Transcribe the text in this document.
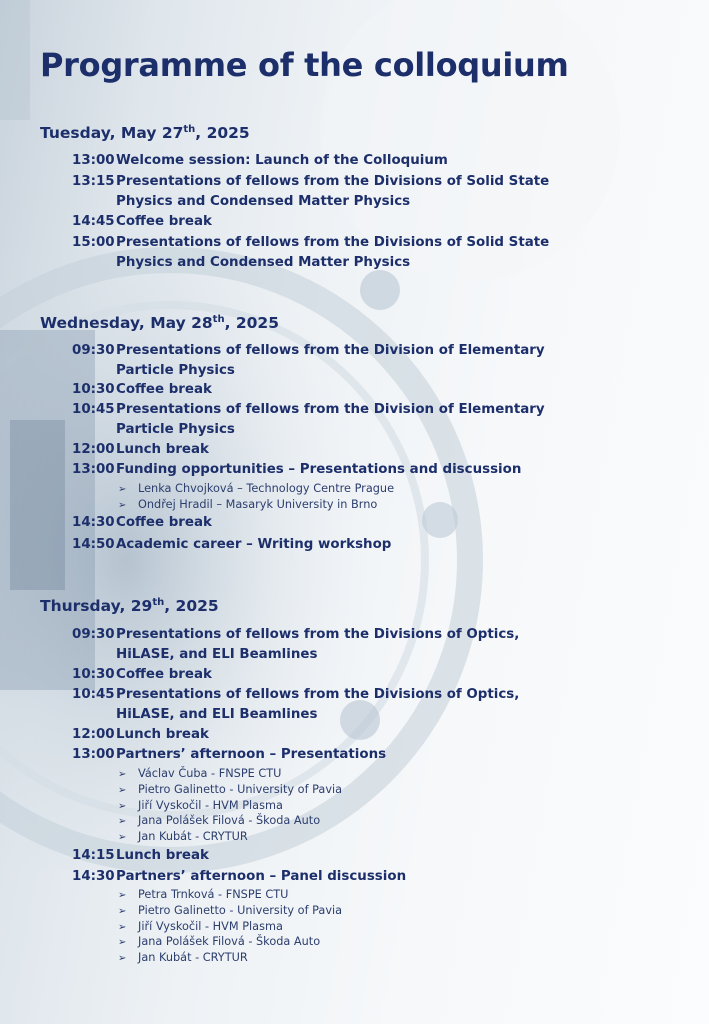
Programme of the colloquium
Tuesday, May 27th, 2025
13:00 Welcome session: Launch of the Colloquium
13:15 Presentations of fellows from the Divisions of Solid State
Physics and Condensed Matter Physics
14:45 Coffee break
15:00 Presentations of fellows from the Divisions of Solid State
Physics and Condensed Matter Physics
Wednesday, May 28th, 2025
09:30 Presentations of fellows from the Division of Elementary
Particle Physics
10:30 Coffee break
10:45 Presentations of fellows from the Division of Elementary
Particle Physics
12:00 Lunch break
13:00 Funding opportunities – Presentations and discussion
➢ Lenka Chvojková – Technology Centre Prague
➢ Ondřej Hradil – Masaryk University in Brno
14:30 Coffee break
14:50 Academic career – Writing workshop
Thursday, 29th, 2025
09:30 Presentations of fellows from the Divisions of Optics,
HiLASE, and ELI Beamlines
10:30 Coffee break
10:45 Presentations of fellows from the Divisions of Optics,
HiLASE, and ELI Beamlines
12:00 Lunch break
13:00 Partners’ afternoon – Presentations
➢ Václav Čuba - FNSPE CTU
➢ Pietro Galinetto - University of Pavia
➢ Jiří Vyskočil - HVM Plasma
➢ Jana Polášek Filová - Škoda Auto
➢ Jan Kubát - CRYTUR
14:15 Lunch break
14:30 Partners’ afternoon – Panel discussion
➢ Petra Trnková - FNSPE CTU
➢ Pietro Galinetto - University of Pavia
➢ Jiří Vyskočil - HVM Plasma
➢ Jana Polášek Filová - Škoda Auto
➢ Jan Kubát - CRYTUR
